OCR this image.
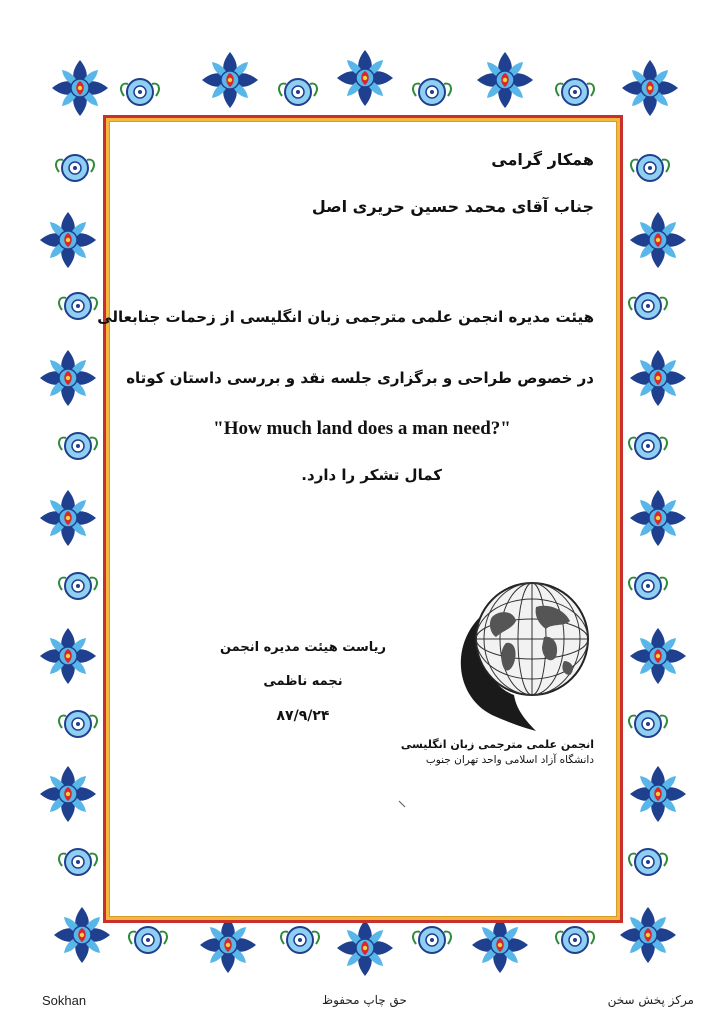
همکار گرامی
جناب آقای محمد حسین حریری اصل
هیئت مدیره انجمن علمی مترجمی زبان انگلیسی از زحمات جنابعالی
در خصوص طراحی و برگزاری جلسه نقد و بررسی داستان کوتاه
"How much land does a man need?"
کمال تشکر را دارد.
ریاست هیئت مدیره انجمن
نجمه ناظمی
۸۷/۹/۲۴
انجمن علمی مترجمی زبان انگلیسی
دانشگاه آزاد اسلامی واحد تهران جنوب
Sokhan	حق چاپ محفوظ	مرکز پخش سخن
